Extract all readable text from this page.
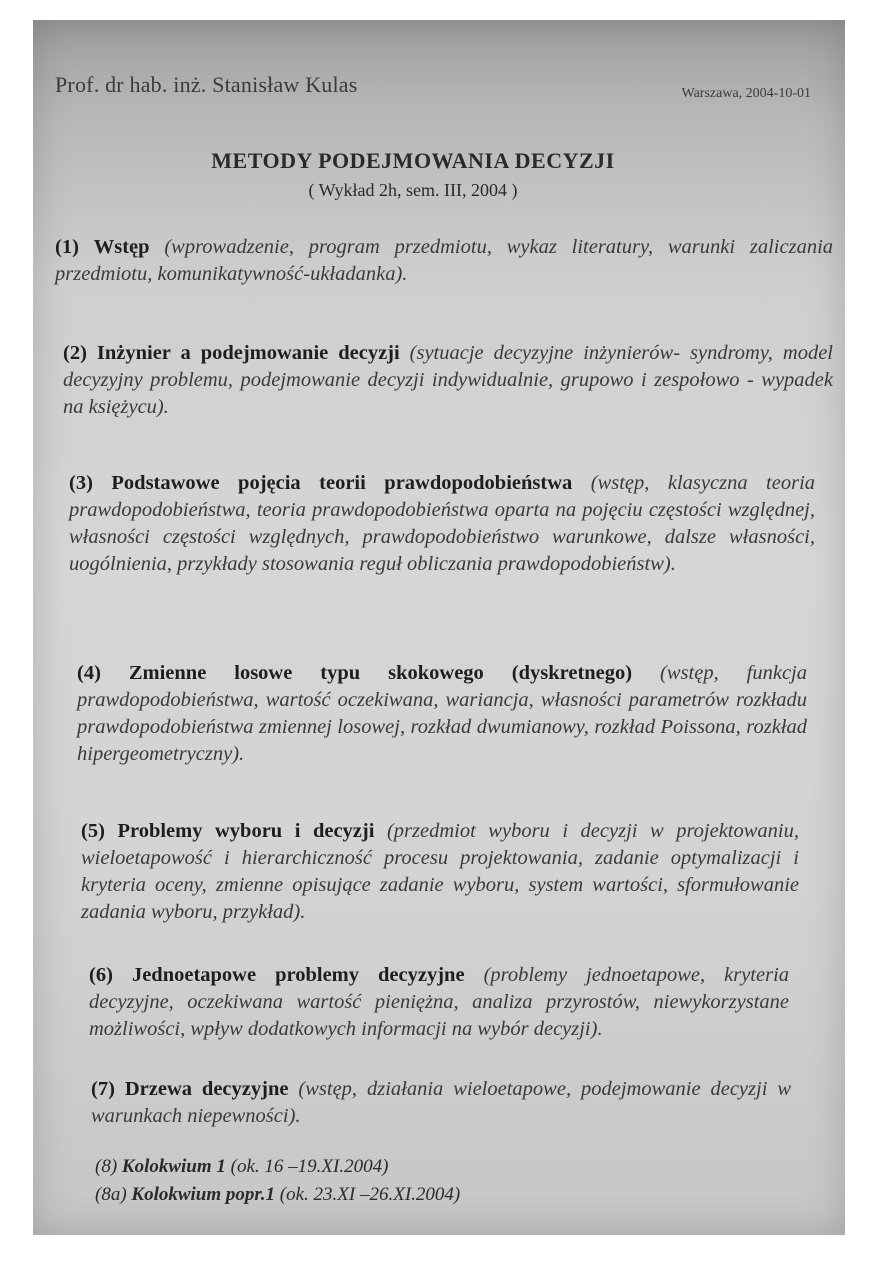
Prof. dr hab. inż. Stanisław Kulas	Warszawa, 2004-10-01
METODY PODEJMOWANIA DECYZJI
( Wykład 2h, sem. III, 2004 )
(1) Wstęp (wprowadzenie, program przedmiotu, wykaz literatury, warunki zaliczania przedmiotu, komunikatywność-układanka).
(2) Inżynier a podejmowanie decyzji (sytuacje decyzyjne inżynierów- syndromy, model decyzyjny problemu, podejmowanie decyzji indywidualnie, grupowo i zespołowo - wypadek na księżycu).
(3) Podstawowe pojęcia teorii prawdopodobieństwa (wstęp, klasyczna teoria prawdopodobieństwa, teoria prawdopodobieństwa oparta na pojęciu częstości względnej, własności częstości względnych, prawdopodobieństwo warunkowe, dalsze własności, uogólnienia, przykłady stosowania reguł obliczania prawdopodobieństw).
(4) Zmienne losowe typu skokowego (dyskretnego) (wstęp, funkcja prawdopodobieństwa, wartość oczekiwana, wariancja, własności parametrów rozkładu prawdopodobieństwa zmiennej losowej, rozkład dwumianowy, rozkład Poissona, rozkład hipergeometryczny).
(5) Problemy wyboru i decyzji (przedmiot wyboru i decyzji w projektowaniu, wieloetapowość i hierarchiczność procesu projektowania, zadanie optymalizacji i kryteria oceny, zmienne opisujące zadanie wyboru, system wartości, sformułowanie zadania wyboru, przykład).
(6) Jednoetapowe problemy decyzyjne (problemy jednoetapowe, kryteria decyzyjne, oczekiwana wartość pieniężna, analiza przyrostów, niewykorzystane możliwości, wpływ dodatkowych informacji na wybór decyzji).
(7) Drzewa decyzyjne (wstęp, działania wieloetapowe, podejmowanie decyzji w warunkach niepewności).
(8) Kolokwium 1 (ok. 16 –19.XI.2004)
(8a) Kolokwium popr.1 (ok. 23.XI –26.XI.2004)
